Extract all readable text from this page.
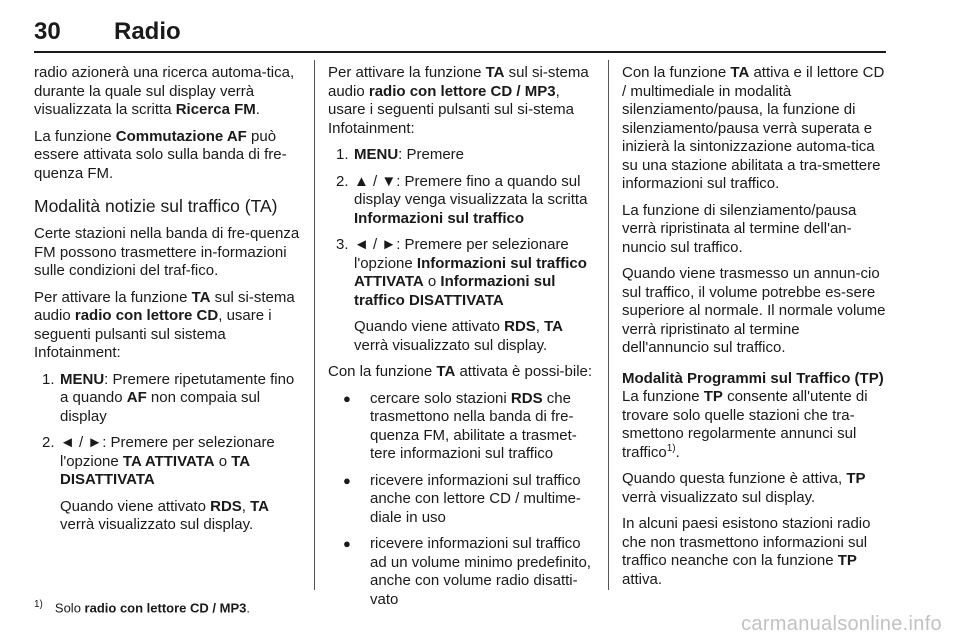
30 Radio

radio azionerà una ricerca automa-tica, durante la quale sul display verrà visualizzata la scritta Ricerca FM.

La funzione Commutazione AF può essere attivata solo sulla banda di fre-quenza FM.

Modalità notizie sul traffico (TA)

Certe stazioni nella banda di fre-quenza FM possono trasmettere in-formazioni sulle condizioni del traf-fico.

Per attivare la funzione TA sul si-stema audio radio con lettore CD, usare i seguenti pulsanti sul sistema Infotainment:

1. MENU: Premere ripetutamente fino a quando AF non compaia sul display
2. ◄ / ►: Premere per selezionare l'opzione TA ATTIVATA o TA DISATTIVATA

Quando viene attivato RDS, TA verrà visualizzato sul display.

Per attivare la funzione TA sul si-stema audio radio con lettore CD / MP3, usare i seguenti pulsanti sul si-stema Infotainment:

1. MENU: Premere
2. ▲ / ▼: Premere fino a quando sul display venga visualizzata la scritta Informazioni sul traffico
3. ◄ / ►: Premere per selezionare l'opzione Informazioni sul traffico ATTIVATA o Informazioni sul traffico DISATTIVATA

Quando viene attivato RDS, TA verrà visualizzato sul display.

Con la funzione TA attivata è possi-bile:

● cercare solo stazioni RDS che trasmettono nella banda di fre-quenza FM, abilitate a trasmet-tere informazioni sul traffico
● ricevere informazioni sul traffico anche con lettore CD / multime-diale in uso
● ricevere informazioni sul traffico ad un volume minimo predefinito, anche con volume radio disatti-vato

Con la funzione TA attiva e il lettore CD / multimediale in modalità silenziamento/pausa, la funzione di silenziamento/pausa verrà superata e inizierà la sintonizzazione automa-tica su una stazione abilitata a tra-smettere informazioni sul traffico.

La funzione di silenziamento/pausa verrà ripristinata al termine dell'an-nuncio sul traffico.

Quando viene trasmesso un annun-cio sul traffico, il volume potrebbe es-sere superiore al normale. Il normale volume verrà ripristinato al termine dell'annuncio sul traffico.

Modalità Programmi sul Traffico (TP)

La funzione TP consente all'utente di trovare solo quelle stazioni che tra-smettono regolarmente annunci sul traffico$^{1)}$.

Quando questa funzione è attiva, TP verrà visualizzato sul display.

In alcuni paesi esistono stazioni radio che non trasmettono informazioni sul traffico neanche con la funzione TP attiva.

$^{1)}$ Solo radio con lettore CD / MP3.
carmanualsonline.info
